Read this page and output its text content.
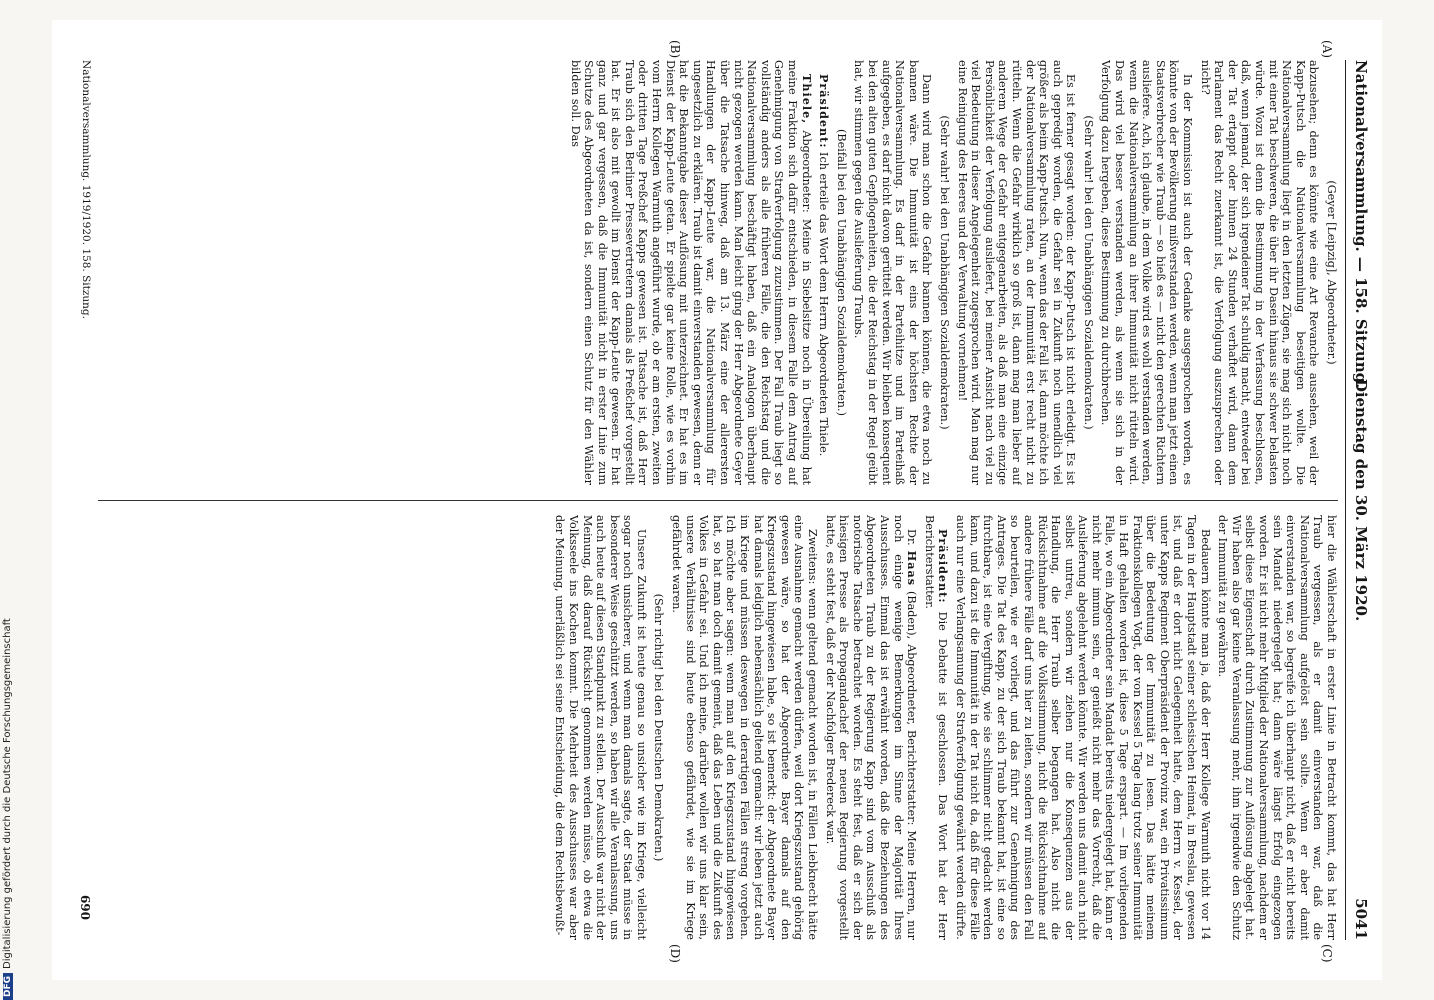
Nationalversammlung. — 158. Sitzung.
Dienstag den 30. März 1920.
5041
(A)
(B)
(C)
(D)

(Geyer [Leipzig], Abgeordneter.)

abzusehen; denn es könnte wie eine Art Revanche aussehen, weil der Kapp-Putsch die Nationalversammlung beseitigen wollte. Die Nationalversammlung liegt in den letzten Zügen, sie mag sich nicht noch mit einer Tat beschweren, die über ihr Dasein hinaus sie schwer belasten würde. Wozu ist denn die Bestimmung in der Verfassung beschlossen, daß, wenn jemand, der sich irgendeiner Tat schuldig macht, entweder bei der Tat ertappt oder binnen 24 Stunden verhaftet wird, dann dem Parlament das Recht zuerkannt ist, die Verfolgung auszusprechen oder nicht?

In der Kommission ist auch der Gedanke ausgesprochen worden, es könnte von der Bevölkerung mißverstanden werden, wenn man jetzt einen Staatsverbrecher wie Traub — so hieß es — nicht den gerechten Richtern ausliefere. Ach, ich glaube, in dem Volke wird es wohl verstanden werden, wenn die Nationalversammlung an ihrer Immunität nicht rütteln wird. Das wird viel besser verstanden werden, als wenn sie sich in der Verfolgung dazu hergeben, diese Bestimmung zu durchbrechen.

(Sehr wahr! bei den Unabhängigen Sozialdemokraten.)

Es ist ferner gesagt worden: der Kapp-Putsch ist nicht erledigt. Es ist auch gepredigt worden, die Gefahr sei in Zukunft noch unendlich viel größer als beim Kapp-Putsch. Nun, wenn das der Fall ist, dann möchte ich der Nationalversammlung raten, an der Immunität erst recht nicht zu rütteln. Wenn die Gefahr wirklich so groß ist, dann mag man lieber auf anderem Wege der Gefahr entgegenarbeiten, als daß man eine einzige Persönlichkeit der Verfolgung ausliefert, bei meiner Ansicht nach viel zu viel Bedeutung in dieser Angelegenheit zugesprochen wird. Man mag nur eine Reinigung des Heeres und der Verwaltung vornehmen!

(Sehr wahr! bei den Unabhängigen Sozialdemokraten.)

Dann wird man schon die Gefahr bannen können, die etwa noch zu bannen wäre. Die Immunität ist eins der höchsten Rechte der Nationalversammlung. Es darf in der Parteihitze und im Parteihaß aufgegeben, es darf nicht davon gerüttelt werden. Wir bleiben konsequent bei den alten guten Gepflogenheiten, die der Reichstag in der Regel geübt hat, wir stimmen gegen die Auslieferung Traubs.

(Beifall bei den Unabhängigen Sozialdemokraten.)

Präsident: Ich erteile das Wort dem Herrn Abgeordneten Thiele.

Thiele, Abgeordneter: Meine in Siebelsitze noch in Übereilung hat meine Fraktion sich dafür entschieden, in diesem Falle dem Antrag auf Genehmigung von Strafverfolgung zuzustimmen. Der Fall Traub liegt so vollständig anders als alle früheren Fälle, die den Reichstag und die Nationalversammlung beschäftigt haben, daß ein Analogon überhaupt nicht gezogen werden kann. Man leicht ging der Herr Abgeordnete Geyer über die Tatsache hinweg, daß am 13. März eine der allerersten Handlungen der Kapp-Leute war, die Nationalversammlung für ungesetzlich zu erklären. Traub ist damit einverstanden gewesen, denn er hat die Bekanntgabe dieser Auflösung mit unterzeichnet. Er hat es im Dienst der Kapp-Leute getan. Er spielte gar keine Rolle, wie es vorhin vom Herrn Kollegen Warmuth angeführt wurde, ob er am ersten, zweiten oder dritten Tage Preßchef Kapps gewesen ist. Tatsache ist, daß Herr Traub sich den Berliner Pressevertretern damals als Preßchef vorgestellt hat. Er ist also mit gewollt im Dienst der Kapp-Leute gewesen. Er hat ganz und gar vergessen, daß die Immunität nicht in erster Linie zum Schutze des Abgeordneten da ist, sondern einen Schutz für den Wähler bilden soll. Das

hier die Wählerschaft in erster Linie in Betracht kommt, das hat Herr Traub vergessen, als er damit einverstanden war, daß die Nationalversammlung aufgelöst sein sollte. Wenn er aber damit einverstanden war, so begreife ich überhaupt nicht, daß er nicht bereits sein Mandat niedergelegt hat; dann wäre längst Erfolg eingezogen worden. Er ist nicht mehr Mitglied der Nationalversammlung, nachdem er selbst diese Eigenschaft durch Zustimmung zur Auflösung abgelegt hat. Wir haben also gar keine Veranlassung mehr, ihm irgendwie den Schutz der Immunität zu gewähren.

Bedauern könnte man ja, daß der Herr Kollege Warmuth nicht vor 14 Tagen in der Hauptstadt seiner schlesischen Heimat, in Breslau, gewesen ist, und daß er dort nicht Gelegenheit hatte, dem Herrn v. Kessel, der unter Kapps Regiment Oberpräsident der Provinz war, ein Privatissimum über die Bedeutung der Immunität zu lesen. Das hätte meinem Fraktionskollegen Vogt, der von Kessel 5 Tage lang trotz seiner Immunität in Haft gehalten worden ist, diese 5 Tage erspart. — Im vorliegenden Falle, wo ein Abgeordneter sein Mandat bereits niedergelegt hat, kann er nicht mehr immun sein, er genießt nicht mehr das Vorrecht, daß die Auslieferung abgelehnt werden könnte. Wir werden uns damit auch nicht selbst untreu, sondern wir ziehen nur die Konsequenzen aus der Handlung, die Herr Traub selber begangen hat. Also nicht die Rücksichtnahme auf die Volksstimmung, nicht die Rücksichtnahme auf andere frühere Fälle darf uns hier zu leiten, sondern wir müssen den Fall so beurteilen, wie er vorliegt, und das führt zur Genehmigung des Antrages. Die Tat des Kapp, zu der sich Traub bekannt hat, ist eine so furchtbare, ist eine Vergiftung, wie sie schlimmer nicht gedacht werden kann, und dazu ist die Immunität in der Tat nicht da, daß für diese Fälle auch nur eine Verlangsamung der Strafverfolgung gewährt werden dürfte.

Präsident: Die Debatte ist geschlossen. Das Wort hat der Herr Berichterstatter.

Dr. Haas (Baden), Abgeordneter, Berichterstatter: Meine Herren, nur noch einige wenige Bemerkungen im Sinne der Majorität Ihres Ausschusses. Einmal das ist erwähnt worden, daß die Beziehungen des Abgeordneten Traub zu der Regierung Kapp sind vom Ausschuß als notorische Tatsache betrachtet worden. Es steht fest, daß er sich der hiesigen Presse als Propagandachef der neuen Regierung vorgestellt hatte, es steht fest, daß er der Nachfolger Bredereck war.

Zweitens: wenn geltend gemacht worden ist, in Fällen Liebknecht hätte eine Ausnahme gemacht werden dürfen, weil dort Kriegszustand gehörig gewesen wäre, so hat der Abgeordnete Bayer damals auf den Kriegszustand hingewiesen habe, so ist bemerkt: der Abgeordnete Bayer hat damals lediglich nebensächlich geltend gemacht: wir leben jetzt auch im Kriege und müssen deswegen in derartigen Fällen streng vorgehen. Ich möchte aber sagen: wenn man auf den Kriegszustand hingewiesen hat, so hat man doch damit gemeint, daß das Leben und die Zukunft des Volkes in Gefahr sei. Und ich meine, darüber wollen wir uns klar sein, unsere Verhältnisse sind heute ebenso gefährdet, wie sie im Kriege gefährdet waren.

(Sehr richtig! bei den Deutschen Demokraten.)

Unsere Zukunft ist heute genau so unsicher wie im Kriege, vielleicht sogar noch unsicherer, und wenn man damals sagte, der Staat müsse in besonderer Weise geschützt werden, so haben wir alle Veranlassung, uns auch heute auf diesen Standpunkt zu stellen. Der Ausschuß war nicht der Meinung, daß darauf Rücksicht genommen werden müsse, ob etwa die Volksseele ins Kochen kommt. Die Mehrheit des Ausschusses war aber der Meinung, unerläßlich sei seine Entscheidung, die dem Rechtsbewußt-

Nationalversammlung. 1919/1920. 158. Sitzung.
690
DFGDigitalisierung gefördert durch die Deutsche Forschungsgemeinschaft
